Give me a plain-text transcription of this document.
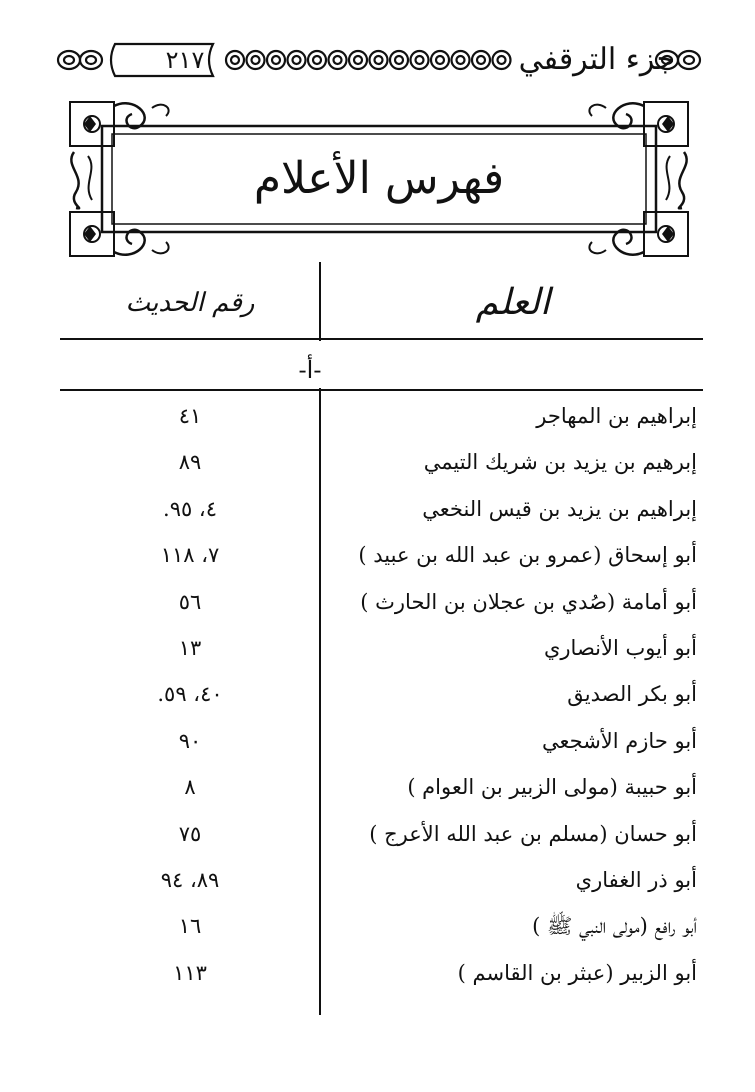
٢١٧	جزء الترقفي
فهرس الأعلام
العلم
رقم الحديث
-أ-
إبراهيم بن المهاجر
٤١
إبرهيم بن يزيد بن شريك التيمي
٨٩
إبراهيم بن يزيد بن قيس النخعي
٤، ٩٥.
أبو إسحاق (عمرو بن عبد الله بن عبيد )
٧، ١١٨
أبو أمامة (صُدي بن عجلان بن الحارث )
٥٦
أبو أيوب الأنصاري
١٣
أبو بكر الصديق
٤٠، ٥٩.
أبو حازم الأشجعي
٩٠
أبو حبيبة (مولى الزبير بن العوام )
٨
أبو حسان (مسلم بن عبد الله الأعرج )
٧٥
أبو ذر الغفاري
٨٩، ٩٤
أبو رافع (مولى النبي ﷺ )
١٦
أبو الزبير (عبثر بن القاسم )
١١٣
